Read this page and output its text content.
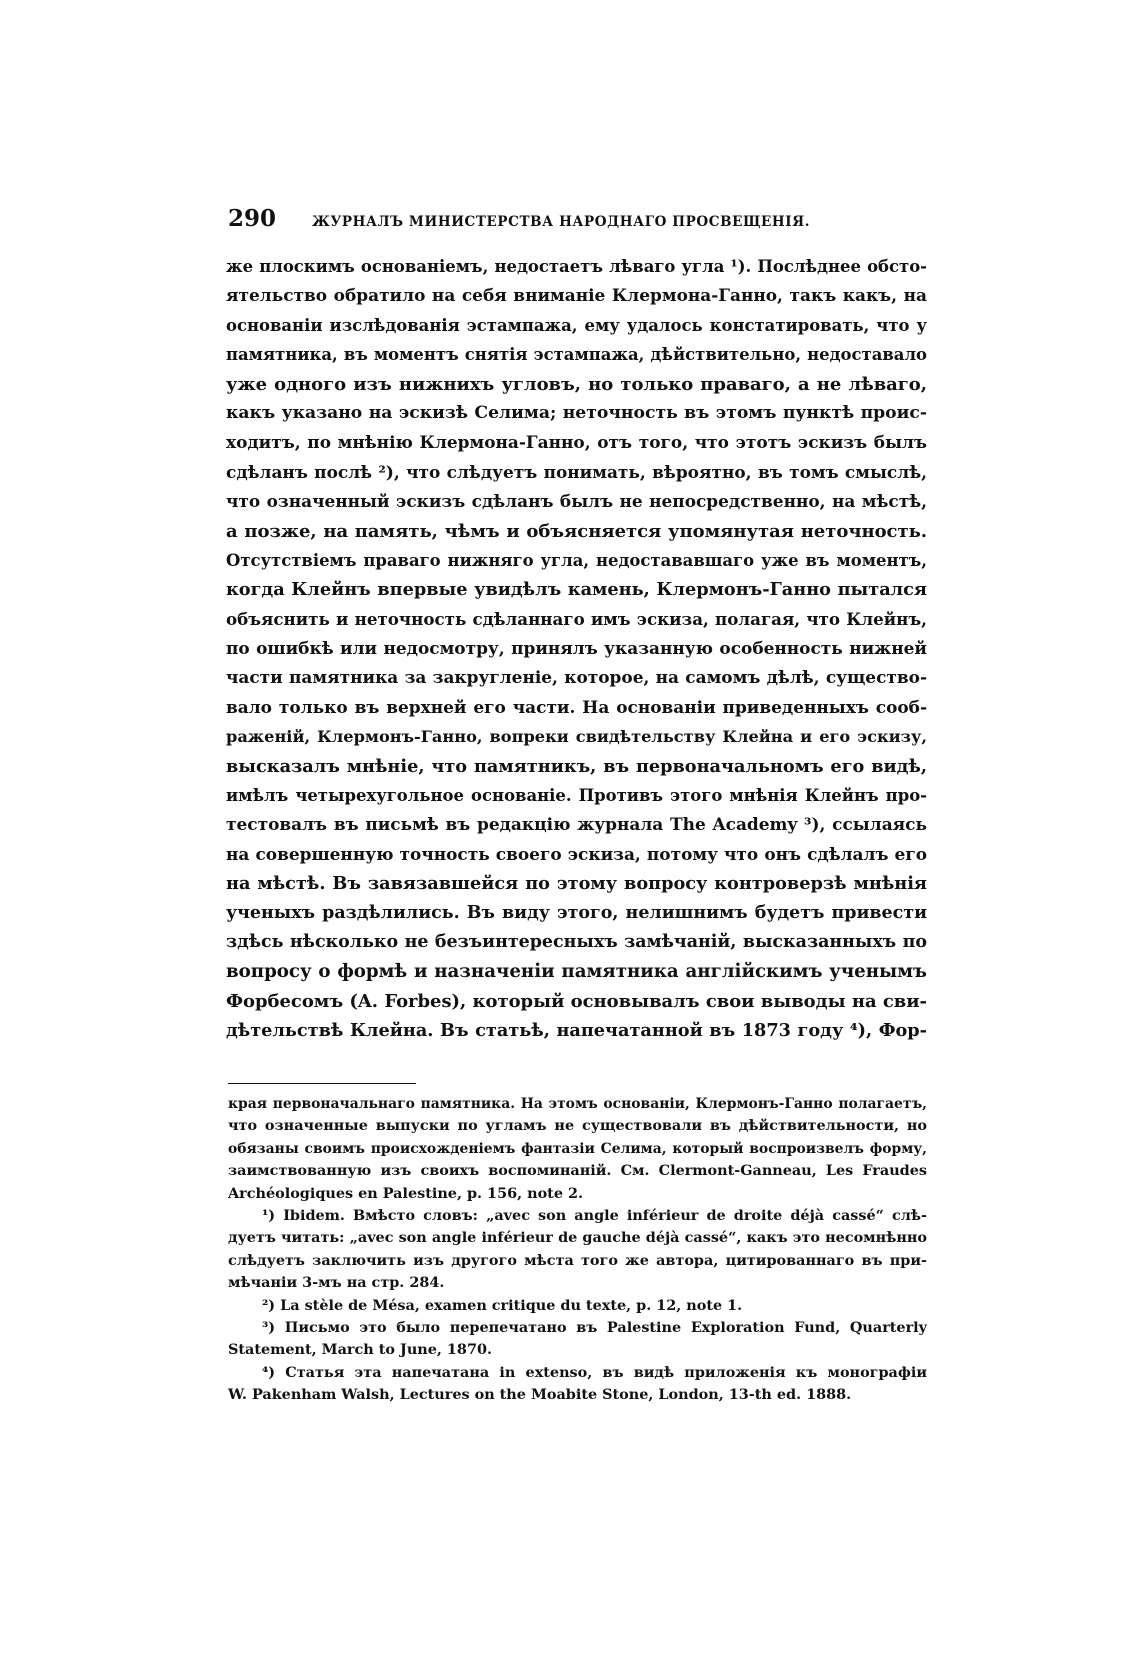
290	ЖУРНАЛЪ МИНИСТЕРСТВА НАРОДНАГО ПРОСВЕЩЕНІЯ.
же плоскимъ основаніемъ, недостаетъ лѣваго угла ¹). Послѣднее обсто-
ятельство обратило на себя вниманіе Клермона-Ганно, такъ какъ, на
основаніи изслѣдованія эстампажа, ему удалось констатировать, что у
памятника, въ моментъ снятія эстампажа, дѣйствительно, недоставало
уже одного изъ нижнихъ угловъ, но только праваго, а не лѣваго,
какъ указано на эскизѣ Селима; неточность въ этомъ пунктѣ проис-
ходитъ, по мнѣнію Клермона-Ганно, отъ того, что этотъ эскизъ былъ
сдѣланъ послѣ ²), что слѣдуетъ понимать, вѣроятно, въ томъ смыслѣ,
что означенный эскизъ сдѣланъ былъ не непосредственно, на мѣстѣ,
а позже, на память, чѣмъ и объясняется упомянутая неточность.
Отсутствіемъ праваго нижняго угла, недостававшаго уже въ моментъ,
когда Клейнъ впервые увидѣлъ камень, Клермонъ-Ганно пытался
объяснить и неточность сдѣланнаго имъ эскиза, полагая, что Клейнъ,
по ошибкѣ или недосмотру, принялъ указанную особенность нижней
части памятника за закругленіе, которое, на самомъ дѣлѣ, существо-
вало только въ верхней его части. На основаніи приведенныхъ сооб-
раженій, Клермонъ-Ганно, вопреки свидѣтельству Клейна и его эскизу,
высказалъ мнѣніе, что памятникъ, въ первоначальномъ его видѣ,
имѣлъ четырехугольное основаніе. Противъ этого мнѣнія Клейнъ про-
тестовалъ въ письмѣ въ редакцію журнала The Academy ³), ссылаясь
на совершенную точность своего эскиза, потому что онъ сдѣлалъ его
на мѣстѣ. Въ завязавшейся по этому вопросу контроверзѣ мнѣнія
ученыхъ раздѣлились. Въ виду этого, нелишнимъ будетъ привести
здѣсь нѣсколько не безъинтересныхъ замѣчаній, высказанныхъ по
вопросу о формѣ и назначеніи памятника англійскимъ ученымъ
Форбесомъ (A. Forbes), который основывалъ свои выводы на сви-
дѣтельствѣ Клейна. Въ статьѣ, напечатанной въ 1873 году ⁴), Фор-
края первоначальнаго памятника. На этомъ основаніи, Клермонъ-Ганно полагаетъ,
что означенные выпуски по угламъ не существовали въ дѣйствительности, но
обязаны своимъ происхожденіемъ фантазіи Селима, который воспроизвелъ форму,
заимствованную изъ своихъ воспоминаній. См. Clermont-Ganneau, Les Fraudes
Archéologiques en Palestine, p. 156, note 2.
¹) Ibidem. Вмѣсто словъ: „avec son angle inférieur de droite déjà cassé“ слѣ-
дуетъ читать: „avec son angle inférieur de gauche déjà cassé“, какъ это несомнѣнно
слѣдуетъ заключить изъ другого мѣста того же автора, цитированнаго въ при-
мѣчаніи 3-мъ на стр. 284.
²) La stèle de Mésa, examen critique du texte, p. 12, note 1.
³) Письмо это было перепечатано въ Palestine Exploration Fund, Quarterly
Statement, March to June, 1870.
⁴) Статья эта напечатана in extenso, въ видѣ приложенія къ монографіи
W. Pakenham Walsh, Lectures on the Moabite Stone, London, 13-th ed. 1888.
